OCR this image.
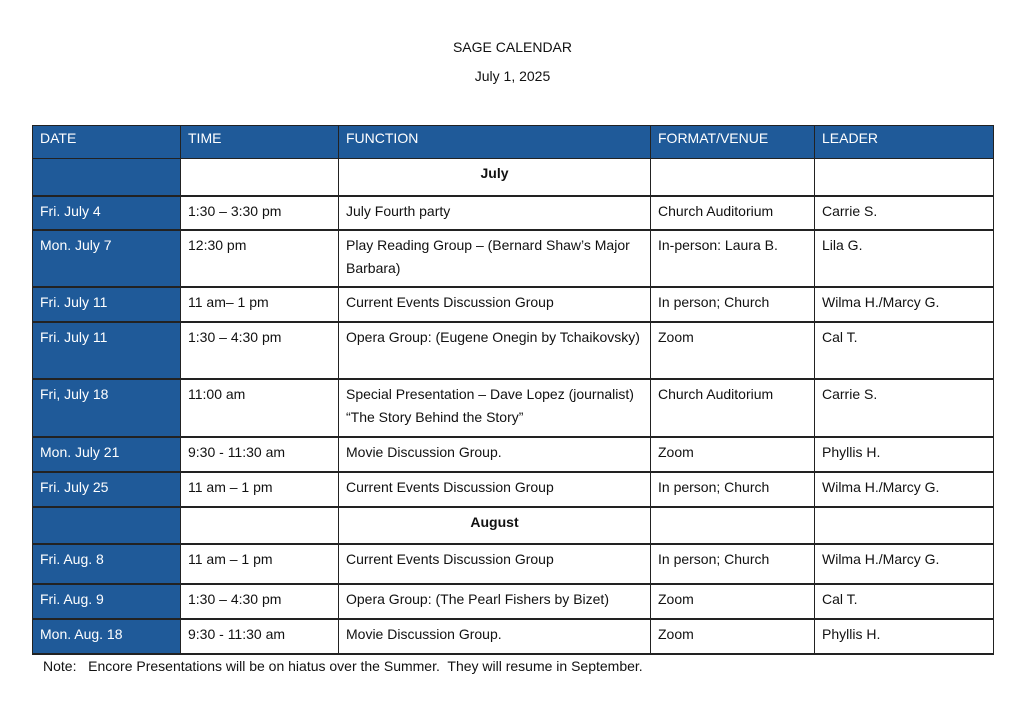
SAGE CALENDAR
July 1, 2025
DATE	TIME	FUNCTION	FORMAT/VENUE	LEADER
		July		
Fri. July 4	1:30 – 3:30 pm	July Fourth party	Church Auditorium	Carrie S.
Mon. July 7	12:30 pm	Play Reading Group – (Bernard Shaw’s Major Barbara)	In-person: Laura B.	Lila G.
Fri. July 11	11 am– 1 pm	Current Events Discussion Group	In person; Church	Wilma H./Marcy G.
Fri. July 11	1:30 – 4:30 pm	Opera Group: (Eugene Onegin by Tchaikovsky)	Zoom	Cal T.
Fri, July 18	11:00 am	Special Presentation – Dave Lopez (journalist) “The Story Behind the Story”	Church Auditorium	Carrie S.
Mon. July 21	9:30 - 11:30 am	Movie Discussion Group.	Zoom	Phyllis H.
Fri. July 25	11 am – 1 pm	Current Events Discussion Group	In person; Church	Wilma H./Marcy G.
		August		
Fri. Aug. 8	11 am – 1 pm	Current Events Discussion Group	In person; Church	Wilma H./Marcy G.
Fri. Aug. 9	1:30 – 4:30 pm	Opera Group: (The Pearl Fishers by Bizet)	Zoom	Cal T.
Mon. Aug. 18	9:30 - 11:30 am	Movie Discussion Group.	Zoom	Phyllis H.
Note:   Encore Presentations will be on hiatus over the Summer.  They will resume in September.
